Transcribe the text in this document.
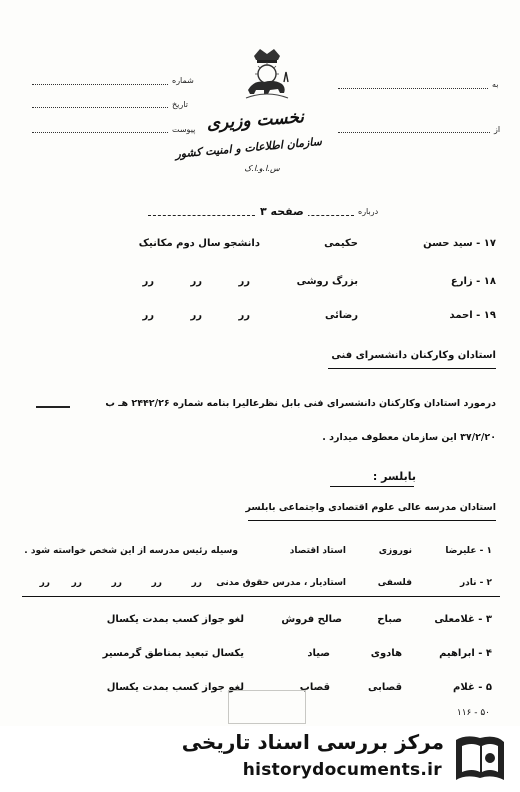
شماره
تاریخ
پیوست
به
از
نخست وزیری
سازمان اطلاعات و امنیت کشور
س.ا.و.ا.ک
درباره
صفحه ۳
۱۷ - سید حسن
حکیمی
دانشجو سال دوم مکانیک
۱۸ - زارع
بزرگ روشی
رر
رر
رر
۱۹ - احمد
رضائی
رر
رر
رر
استادان وکارکنان دانشسرای فنی
درمورد استادان وکارکنان دانشسرای فنی بابل نظرعالیرا بنامه شماره ۲۴۴۲/۲۶ هـ ب
۳۷/۲/۲۰ این سازمان معطوف میدارد .
بابلسر :
استادان مدرسه عالی علوم اقتصادی واجتماعی بابلسر
۱ - علیرضا
نوروزی
استاد اقتصاد
وسیله رئیس مدرسه از این شخص خواسته شود .
۲ - نادر
فلسفی
استادیار ، مدرس حقوق مدنی
رر
رر
رر
رر
رر
۳ - غلامعلی
صباح
صالح فروش
لغو جواز کسب بمدت یکسال
۴ - ابراهیم
هادوی
صیاد
یکسال تبعید بمناطق گرمسیر
۵ - غلام
قصابی
قصاب
لغو جواز کسب بمدت یکسال
۱۱۶ - ۵۰
مرکز بررسی اسناد تاریخی
historydocuments.ir
